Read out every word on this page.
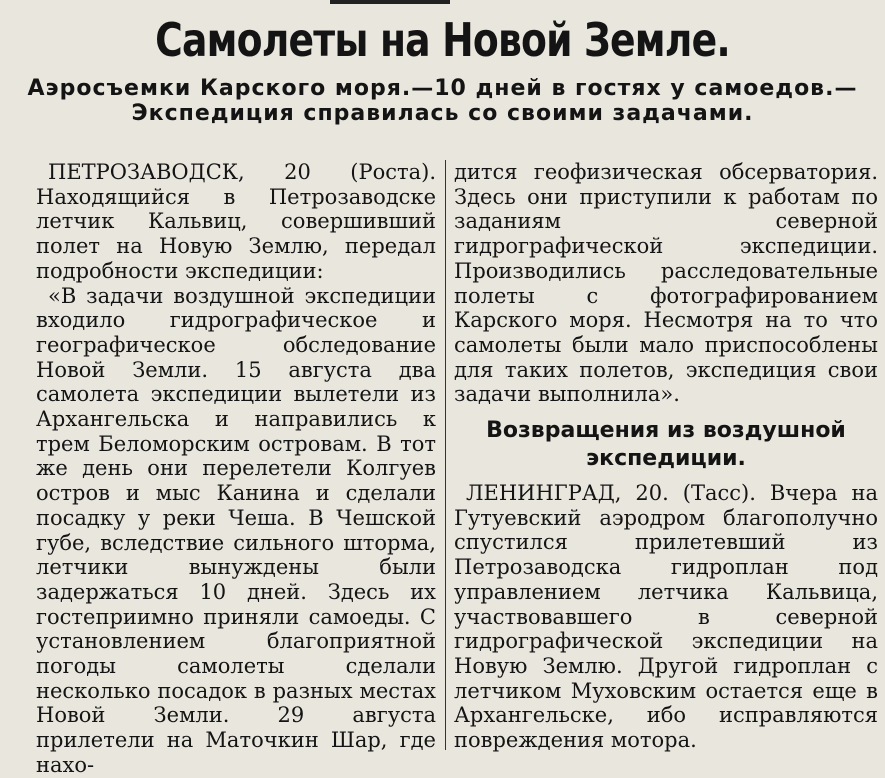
Самолеты на Новой Земле.
Аэросъемки Карского моря.—10 дней в гостях у самоедов.—Экспедиция справилась со своими задачами.

ПЕТРОЗАВОДСК, 20 (Роста). Находящийся в Петрозаводске летчик Кальвиц, совершивший полет на Новую Землю, передал подробности экспедиции:

«В задачи воздушной экспедиции входило гидрографическое и географическое обследование Новой Земли. 15 августа два самолета экспедиции вылетели из Архангельска и направились к трем Беломорским островам. В тот же день они перелетели Колгуев остров и мыс Канина и сделали посадку у реки Чеша. В Чешской губе, вследствие сильного шторма, летчики вынуждены были задержаться 10 дней. Здесь их гостеприимно приняли самоеды. С установлением благоприятной погоды самолеты сделали несколько посадок в разных местах Новой Земли. 29 августа прилетели на Маточкин Шар, где нахо-

дится геофизическая обсерватория. Здесь они приступили к работам по заданиям северной гидрографической экспедиции. Производились расследовательные полеты с фотографированием Карского моря. Несмотря на то что самолеты были мало приспособлены для таких полетов, экспедиция свои задачи выполнила».

Возвращения из воздушной экспедиции.

ЛЕНИНГРАД, 20. (Тасс). Вчера на Гутуевский аэродром благополучно спустился прилетевший из Петрозаводска гидроплан под управлением летчика Кальвица, участвовавшего в северной гидрографической экспедиции на Новую Землю. Другой гидроплан с летчиком Муховским остается еще в Архангельске, ибо исправляются повреждения мотора.
